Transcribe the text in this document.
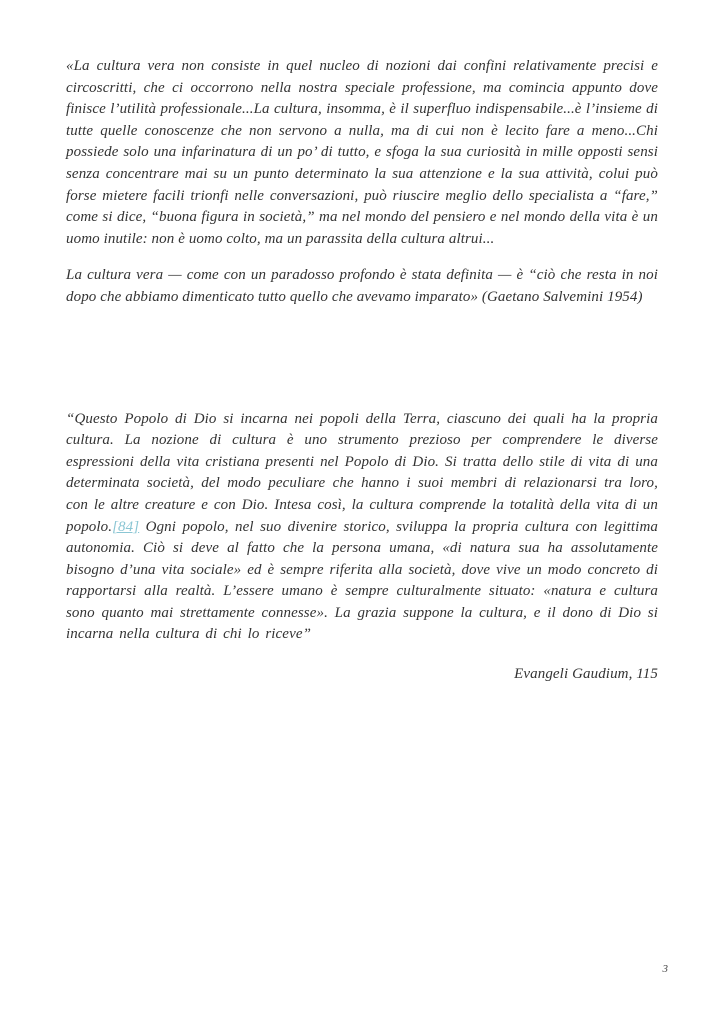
«La cultura vera non consiste in quel nucleo di nozioni dai confini relativamente precisi e circoscritti, che ci occorrono nella nostra speciale professione, ma comincia appunto dove finisce l’utilità professionale...La cultura, insomma, è il superfluo indispensabile...è l’insieme di tutte quelle conoscenze che non servono a nulla, ma di cui non è lecito fare a meno...Chi possiede solo una infarinatura di un po’ di tutto, e sfoga la sua curiosità in mille opposti sensi senza concentrare mai su un punto determinato la sua attenzione e la sua attività, colui può forse mietere facili trionfi nelle conversazioni, può riuscire meglio dello specialista a “fare,” come si dice, “buona figura in società,” ma nel mondo del pensiero e nel mondo della vita è un uomo inutile: non è uomo colto, ma un parassita della cultura altrui...

La cultura vera — come con un paradosso profondo è stata definita — è “ciò che resta in noi dopo che abbiamo dimenticato tutto quello che avevamo imparato» (Gaetano Salvemini 1954)

“Questo Popolo di Dio si incarna nei popoli della Terra, ciascuno dei quali ha la propria cultura. La nozione di cultura è uno strumento prezioso per comprendere le diverse espressioni della vita cristiana presenti nel Popolo di Dio. Si tratta dello stile di vita di una determinata società, del modo peculiare che hanno i suoi membri di relazionarsi tra loro, con le altre creature e con Dio. Intesa così, la cultura comprende la totalità della vita di un popolo.[84] Ogni popolo, nel suo divenire storico, sviluppa la propria cultura con legittima autonomia. Ciò si deve al fatto che la persona umana, «di natura sua ha assolutamente bisogno d’una vita sociale» ed è sempre riferita alla società, dove vive un modo concreto di rapportarsi alla realtà. L’essere umano è sempre culturalmente situato: «natura e cultura sono quanto mai strettamente connesse». La grazia suppone la cultura, e il dono di Dio si incarna nella cultura di chi lo riceve”

Evangeli Gaudium, 115

3
